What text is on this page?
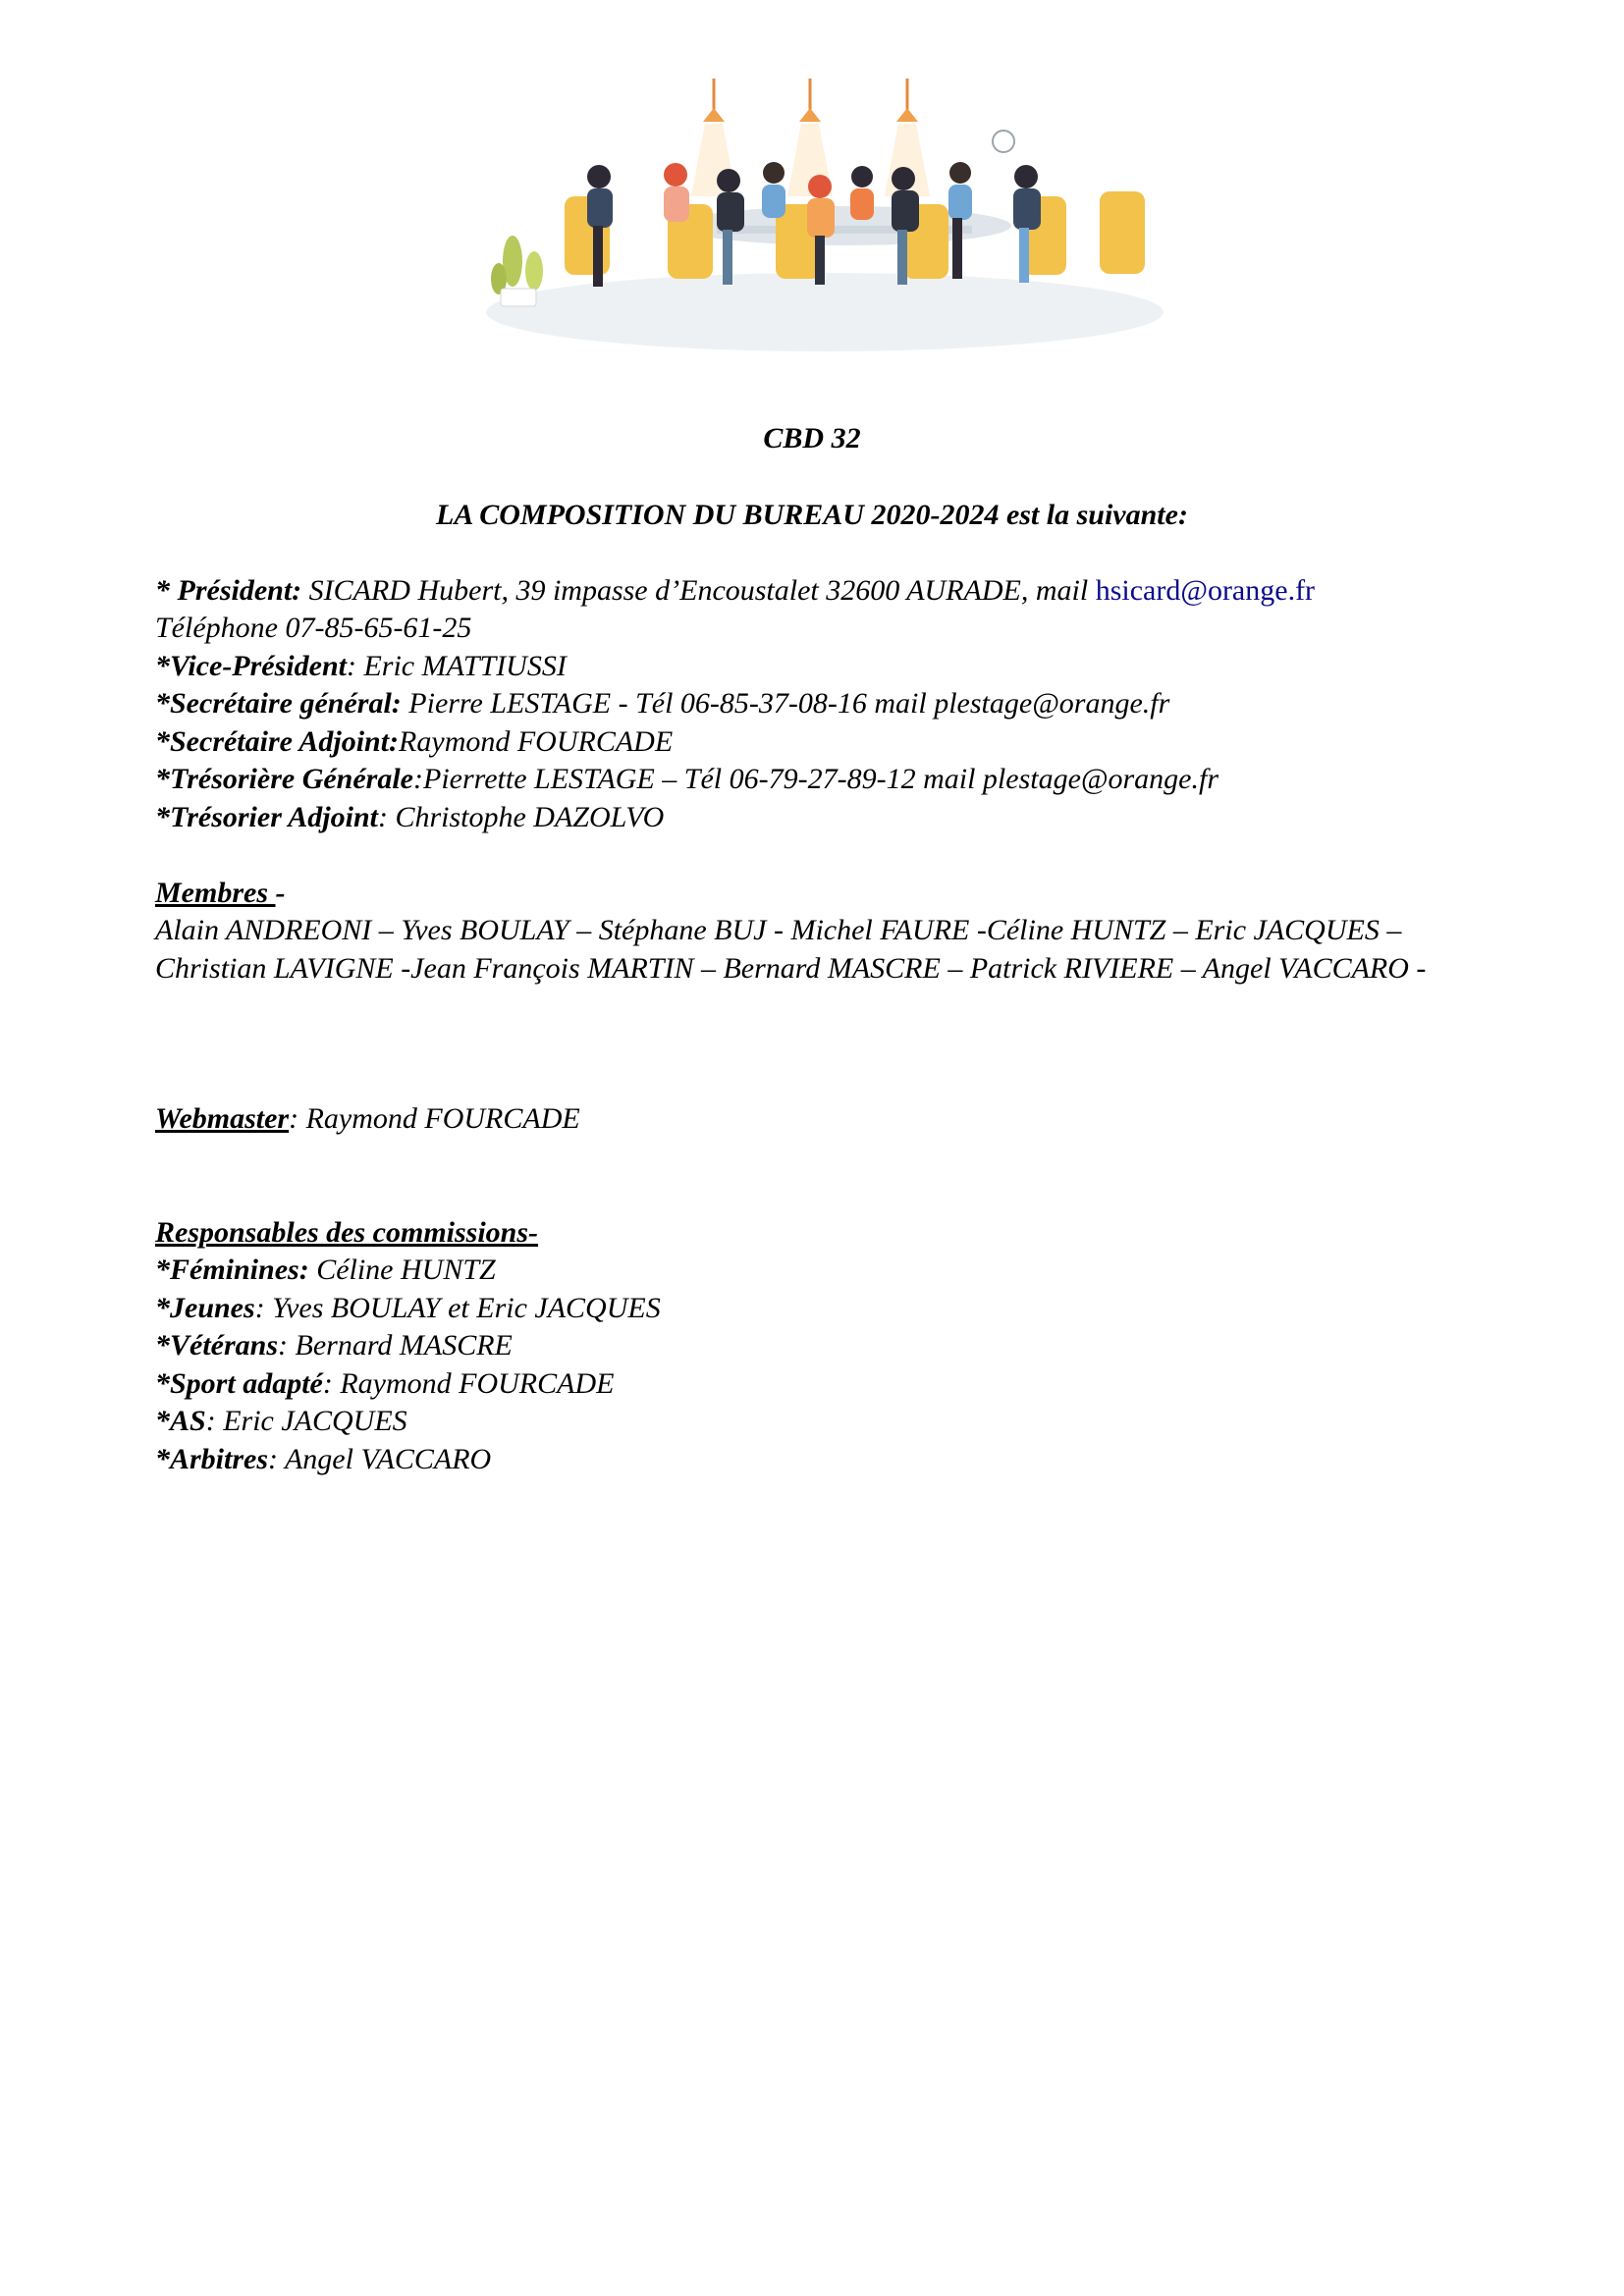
CBD 32
LA COMPOSITION DU BUREAU 2020-2024 est la suivante:
* Président: SICARD Hubert, 39 impasse d’Encoustalet 32600 AURADE, mail hsicard@orange.fr
Téléphone 07-85-65-61-25
*Vice-Président: Eric MATTIUSSI
*Secrétaire général: Pierre LESTAGE - Tél 06-85-37-08-16 mail plestage@orange.fr
*Secrétaire Adjoint:Raymond FOURCADE
*Trésorière Générale:Pierrette LESTAGE – Tél 06-79-27-89-12 mail plestage@orange.fr
*Trésorier Adjoint: Christophe DAZOLVO
Membres -
Alain ANDREONI – Yves BOULAY – Stéphane BUJ - Michel FAURE -Céline HUNTZ – Eric JACQUES – Christian LAVIGNE -Jean François MARTIN – Bernard MASCRE – Patrick RIVIERE – Angel VACCARO -
Webmaster: Raymond FOURCADE
Responsables des commissions-
*Féminines: Céline HUNTZ
*Jeunes: Yves BOULAY et Eric JACQUES
*Vétérans: Bernard MASCRE
*Sport adapté: Raymond FOURCADE
*AS: Eric JACQUES
*Arbitres: Angel VACCARO
